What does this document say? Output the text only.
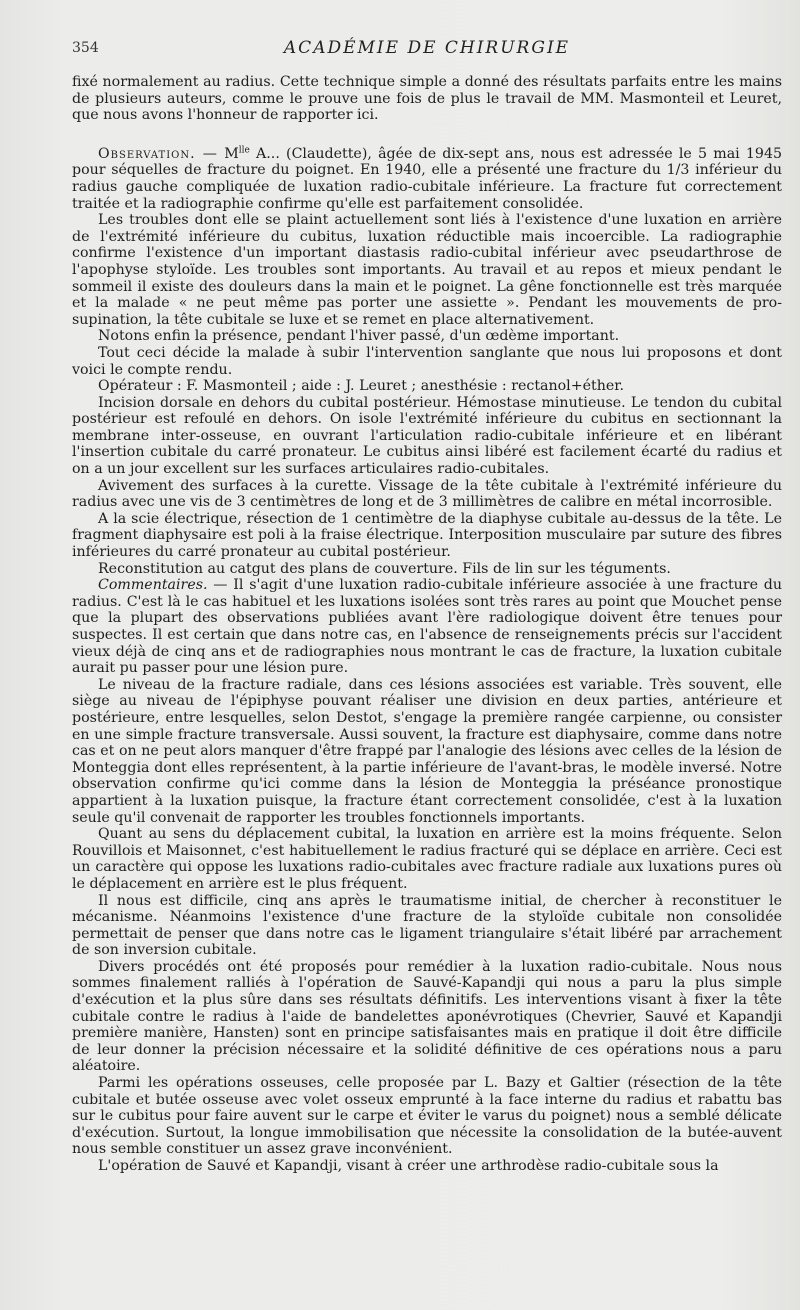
354	ACADÉMIE DE CHIRURGIE

fixé normalement au radius. Cette technique simple a donné des résultats parfaits entre les mains de plusieurs auteurs, comme le prouve une fois de plus le travail de MM. Masmonteil et Leuret, que nous avons l'honneur de rapporter ici.

Observation. — $M^{lle}$ A... (Claudette), âgée de dix-sept ans, nous est adressée le 5 mai 1945 pour séquelles de fracture du poignet. En 1940, elle a présenté une fracture du 1/3 inférieur du radius gauche compliquée de luxation radio-cubitale inférieure. La fracture fut correctement traitée et la radiographie confirme qu'elle est parfaitement consolidée.

Les troubles dont elle se plaint actuellement sont liés à l'existence d'une luxation en arrière de l'extrémité inférieure du cubitus, luxation réductible mais incoercible. La radiographie confirme l'existence d'un important diastasis radio-cubital inférieur avec pseudarthrose de l'apophyse styloïde. Les troubles sont importants. Au travail et au repos et mieux pendant le sommeil il existe des douleurs dans la main et le poignet. La gêne fonctionnelle est très marquée et la malade « ne peut même pas porter une assiette ». Pendant les mouvements de pro-supination, la tête cubitale se luxe et se remet en place alternativement.

Notons enfin la présence, pendant l'hiver passé, d'un œdème important.

Tout ceci décide la malade à subir l'intervention sanglante que nous lui proposons et dont voici le compte rendu.

Opérateur : F. Masmonteil ; aide : J. Leuret ; anesthésie : rectanol+éther.

Incision dorsale en dehors du cubital postérieur. Hémostase minutieuse. Le tendon du cubital postérieur est refoulé en dehors. On isole l'extrémité inférieure du cubitus en sectionnant la membrane inter-osseuse, en ouvrant l'articulation radio-cubitale inférieure et en libérant l'insertion cubitale du carré pronateur. Le cubitus ainsi libéré est facilement écarté du radius et on a un jour excellent sur les surfaces articulaires radio-cubitales.

Avivement des surfaces à la curette. Vissage de la tête cubitale à l'extrémité inférieure du radius avec une vis de 3 centimètres de long et de 3 millimètres de calibre en métal incorrosible.

A la scie électrique, résection de 1 centimètre de la diaphyse cubitale au-dessus de la tête. Le fragment diaphysaire est poli à la fraise électrique. Interposition musculaire par suture des fibres inférieures du carré pronateur au cubital postérieur.

Reconstitution au catgut des plans de couverture. Fils de lin sur les téguments.

Commentaires. — Il s'agit d'une luxation radio-cubitale inférieure associée à une fracture du radius. C'est là le cas habituel et les luxations isolées sont très rares au point que Mouchet pense que la plupart des observations publiées avant l'ère radiologique doivent être tenues pour suspectes. Il est certain que dans notre cas, en l'absence de renseignements précis sur l'accident vieux déjà de cinq ans et de radiographies nous montrant le cas de fracture, la luxation cubitale aurait pu passer pour une lésion pure.

Le niveau de la fracture radiale, dans ces lésions associées est variable. Très souvent, elle siège au niveau de l'épiphyse pouvant réaliser une division en deux parties, antérieure et postérieure, entre lesquelles, selon Destot, s'engage la première rangée carpienne, ou consister en une simple fracture transversale. Aussi souvent, la fracture est diaphysaire, comme dans notre cas et on ne peut alors manquer d'être frappé par l'analogie des lésions avec celles de la lésion de Monteggia dont elles représentent, à la partie inférieure de l'avant-bras, le modèle inversé. Notre observation confirme qu'ici comme dans la lésion de Monteggia la préséance pronostique appartient à la luxation puisque, la fracture étant correctement consolidée, c'est à la luxation seule qu'il convenait de rapporter les troubles fonctionnels importants.

Quant au sens du déplacement cubital, la luxation en arrière est la moins fréquente. Selon Rouvillois et Maisonnet, c'est habituellement le radius fracturé qui se déplace en arrière. Ceci est un caractère qui oppose les luxations radio-cubitales avec fracture radiale aux luxations pures où le déplacement en arrière est le plus fréquent.

Il nous est difficile, cinq ans après le traumatisme initial, de chercher à reconstituer le mécanisme. Néanmoins l'existence d'une fracture de la styloïde cubitale non consolidée permettait de penser que dans notre cas le ligament triangulaire s'était libéré par arrachement de son inversion cubitale.

Divers procédés ont été proposés pour remédier à la luxation radio-cubitale. Nous nous sommes finalement ralliés à l'opération de Sauvé-Kapandji qui nous a paru la plus simple d'exécution et la plus sûre dans ses résultats définitifs. Les interventions visant à fixer la tête cubitale contre le radius à l'aide de bandelettes aponévrotiques (Chevrier, Sauvé et Kapandji première manière, Hansten) sont en principe satisfaisantes mais en pratique il doit être difficile de leur donner la précision nécessaire et la solidité définitive de ces opérations nous a paru aléatoire.

Parmi les opérations osseuses, celle proposée par L. Bazy et Galtier (résection de la tête cubitale et butée osseuse avec volet osseux emprunté à la face interne du radius et rabattu bas sur le cubitus pour faire auvent sur le carpe et éviter le varus du poignet) nous a semblé délicate d'exécution. Surtout, la longue immobilisation que nécessite la consolidation de la butée-auvent nous semble constituer un assez grave inconvénient.

L'opération de Sauvé et Kapandji, visant à créer une arthrodèse radio-cubitale sous la
